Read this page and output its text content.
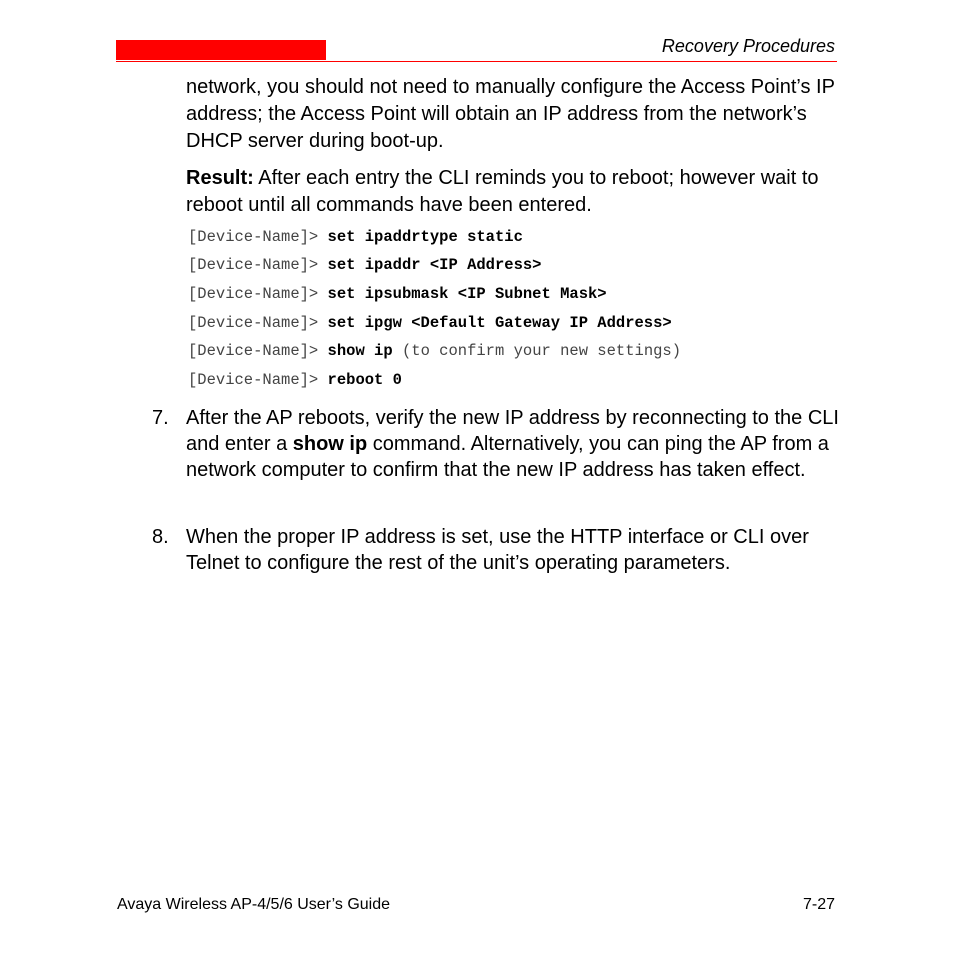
Recovery Procedures
network, you should not need to manually configure the Access Point’s IP address; the Access Point will obtain an IP address from the network’s DHCP server during boot-up.
Result: After each entry the CLI reminds you to reboot; however wait to reboot until all commands have been entered.
[Device-Name]> set ipaddrtype static
[Device-Name]> set ipaddr <IP Address>
[Device-Name]> set ipsubmask <IP Subnet Mask>
[Device-Name]> set ipgw <Default Gateway IP Address>
[Device-Name]> show ip (to confirm your new settings)
[Device-Name]> reboot 0
7. After the AP reboots, verify the new IP address by reconnecting to the CLI and enter a show ip command. Alternatively, you can ping the AP from a network computer to confirm that the new IP address has taken effect.
8. When the proper IP address is set, use the HTTP interface or CLI over Telnet to configure the rest of the unit’s operating parameters.
Avaya Wireless AP-4/5/6 User’s Guide	7-27
